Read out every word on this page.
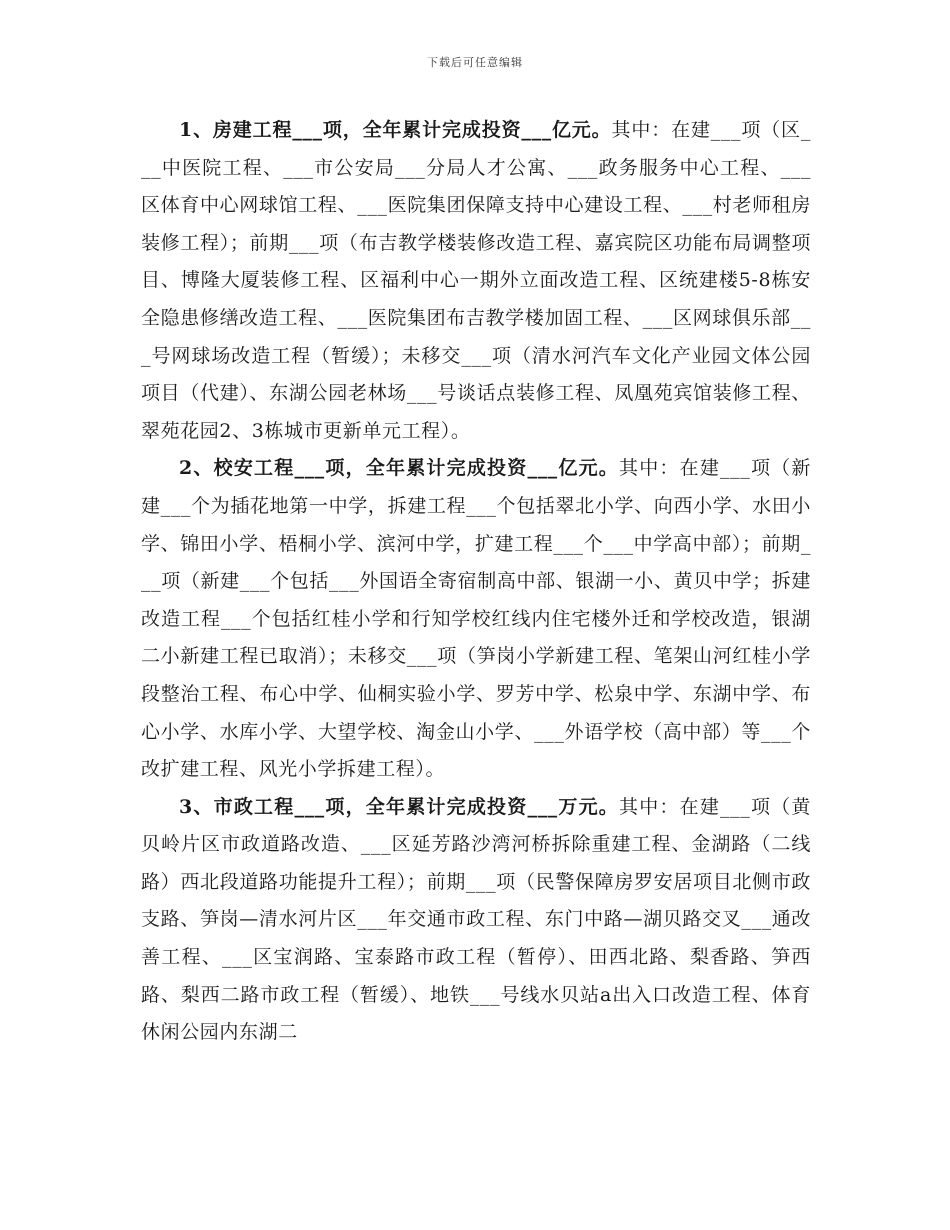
下载后可任意编辑

1、房建工程___项，全年累计完成投资___亿元。其中：在建___项（区___中医院工程、___市公安局___分局人才公寓、___政务服务中心工程、___区体育中心网球馆工程、___医院集团保障支持中心建设工程、___村老师租房装修工程）；前期___项（布吉教学楼装修改造工程、嘉宾院区功能布局调整项目、博隆大厦装修工程、区福利中心一期外立面改造工程、区统建楼5-8栋安全隐患修缮改造工程、___医院集团布吉教学楼加固工程、___区网球俱乐部___号网球场改造工程（暂缓）；未移交___项（清水河汽车文化产业园文体公园项目（代建）、东湖公园老林场___号谈话点装修工程、凤凰苑宾馆装修工程、翠苑花园2、3栋城市更新单元工程）。

2、校安工程___项，全年累计完成投资___亿元。其中：在建___项（新建___个为插花地第一中学，拆建工程___个包括翠北小学、向西小学、水田小学、锦田小学、梧桐小学、滨河中学，扩建工程___个___中学高中部）；前期___项（新建___个包括___外国语全寄宿制高中部、银湖一小、黄贝中学；拆建改造工程___个包括红桂小学和行知学校红线内住宅楼外迁和学校改造，银湖二小新建工程已取消）；未移交___项（笋岗小学新建工程、笔架山河红桂小学段整治工程、布心中学、仙桐实验小学、罗芳中学、松泉中学、东湖中学、布心小学、水库小学、大望学校、淘金山小学、___外语学校（高中部）等___个改扩建工程、风光小学拆建工程）。

3、市政工程___项，全年累计完成投资___万元。其中：在建___项（黄贝岭片区市政道路改造、___区延芳路沙湾河桥拆除重建工程、金湖路（二线路）西北段道路功能提升工程）；前期___项（民警保障房罗安居项目北侧市政支路、笋岗—清水河片区___年交通市政工程、东门中路—湖贝路交叉___通改善工程、___区宝润路、宝泰路市政工程（暂停）、田西北路、梨香路、笋西路、梨西二路市政工程（暂缓）、地铁___号线水贝站a出入口改造工程、体育休闲公园内东湖二
